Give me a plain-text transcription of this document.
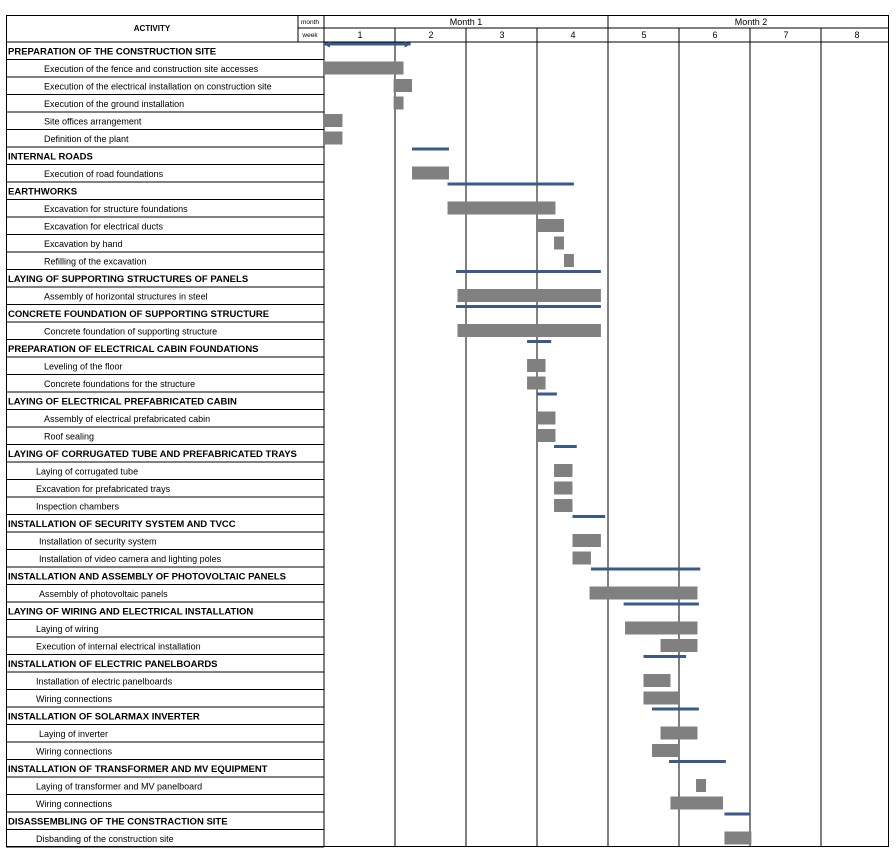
ACTIVITY
month
week
Month 1	Month 2
1	2	3	4	5	6	7	8
PREPARATION OF THE CONSTRUCTION SITE
Execution of the fence and construction site accesses
Execution of the electrical installation on construction site
Execution of the ground installation
Site offices arrangement
Definition of the plant
INTERNAL ROADS
Execution of road foundations
EARTHWORKS
Excavation for structure foundations
Excavation for electrical ducts
Excavation by hand
Refilling of the excavation
LAYING OF SUPPORTING STRUCTURES OF PANELS
Assembly of horizontal structures in steel
CONCRETE FOUNDATION OF SUPPORTING STRUCTURE
Concrete foundation of supporting structure
PREPARATION OF ELECTRICAL CABIN FOUNDATIONS
Leveling of the floor
Concrete foundations for the structure
LAYING OF ELECTRICAL PREFABRICATED CABIN
Assembly of electrical prefabricated cabin
Roof sealing
LAYING OF CORRUGATED TUBE AND PREFABRICATED TRAYS
Laying of corrugated tube
Excavation for prefabricated trays
Inspection chambers
INSTALLATION OF SECURITY SYSTEM AND TVCC
Installation of security system
Installation of video camera and lighting poles
INSTALLATION AND ASSEMBLY OF PHOTOVOLTAIC PANELS
Assembly of photovoltaic panels
LAYING OF WIRING AND ELECTRICAL INSTALLATION
Laying of wiring
Execution of internal electrical installation
INSTALLATION OF ELECTRIC PANELBOARDS
Installation of electric panelboards
Wiring connections
INSTALLATION OF SOLARMAX INVERTER
Laying of inverter
Wiring connections
INSTALLATION OF TRANSFORMER AND MV EQUIPMENT
Laying of transformer and MV panelboard
Wiring connections
DISASSEMBLING OF THE CONSTRACTION SITE
Disbanding of the construction site
